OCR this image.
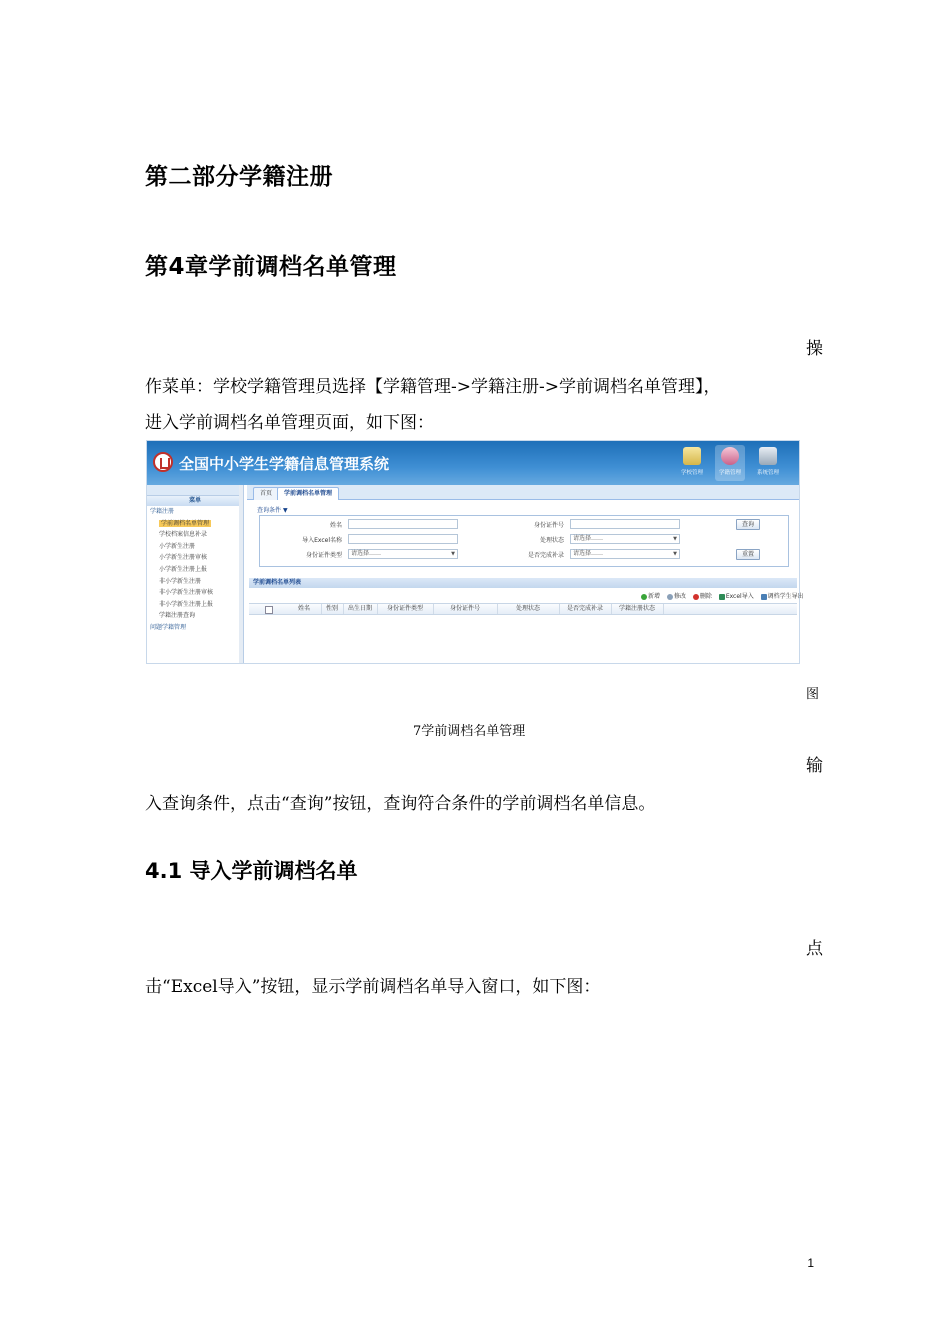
第二部分学籍注册
第4章学前调档名单管理
操
作菜单：学校学籍管理员选择【学籍管理->学籍注册->学前调档名单管理】，
进入学前调档名单管理页面，如下图：
全国中小学生学籍信息管理系统	学校管理	学籍管理	系统管理
菜单
学籍注册
学前调档名单管理
学校档案信息补录
小学新生注册
小学新生注册审核
小学新生注册上报
非小学新生注册
非小学新生注册审核
非小学新生注册上报
学籍注册查询
问题学籍管理
首页	学前调档名单管理
查询条件 ▼
姓名	身份证件号	查询
导入Excel名称	处理状态	请选择…… ▼
身份证件类型	请选择…… ▼	是否完成补录	请选择…… ▼	重置
学前调档名单列表
新增 修改 删除 Excel导入 调档学生导出
姓名	性别	出生日期	身份证件类型	身份证件号	处理状态	是否完成补录	学籍注册状态
图
7学前调档名单管理
输
入查询条件，点击“查询”按钮，查询符合条件的学前调档名单信息。
4.1 导入学前调档名单
点
击“Excel导入”按钮，显示学前调档名单导入窗口，如下图：
1
